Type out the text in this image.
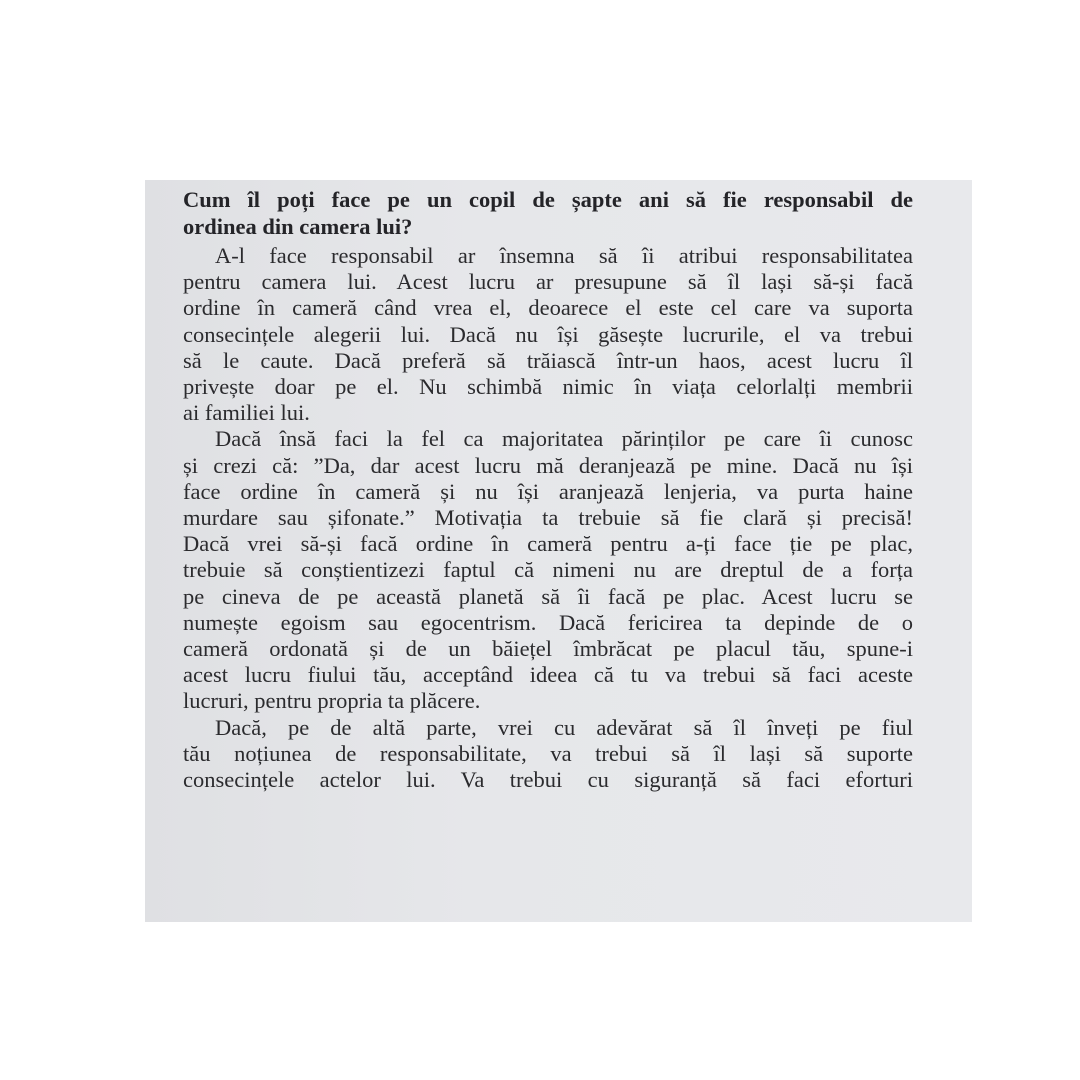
Cum îl poți face pe un copil de șapte ani să fie responsabil de
ordinea din camera lui?
A-l face responsabil ar însemna să îi atribui responsabilitatea
pentru camera lui. Acest lucru ar presupune să îl lași să-și facă
ordine în cameră când vrea el, deoarece el este cel care va suporta
consecințele alegerii lui. Dacă nu își găsește lucrurile, el va trebui
să le caute. Dacă preferă să trăiască într-un haos, acest lucru îl
privește doar pe el. Nu schimbă nimic în viața celorlalți membrii
ai familiei lui.
Dacă însă faci la fel ca majoritatea părinților pe care îi cunosc
și crezi că: ”Da, dar acest lucru mă deranjează pe mine. Dacă nu își
face ordine în cameră și nu își aranjează lenjeria, va purta haine
murdare sau șifonate.” Motivația ta trebuie să fie clară și precisă!
Dacă vrei să-și facă ordine în cameră pentru a-ți face ție pe plac,
trebuie să conștientizezi faptul că nimeni nu are dreptul de a forța
pe cineva de pe această planetă să îi facă pe plac. Acest lucru se
numește egoism sau egocentrism. Dacă fericirea ta depinde de o
cameră ordonată și de un băiețel îmbrăcat pe placul tău, spune-i
acest lucru fiului tău, acceptând ideea că tu va trebui să faci aceste
lucruri, pentru propria ta plăcere.
Dacă, pe de altă parte, vrei cu adevărat să îl înveți pe fiul
tău noțiunea de responsabilitate, va trebui să îl lași să suporte
consecințele actelor lui. Va trebui cu siguranță să faci eforturi
